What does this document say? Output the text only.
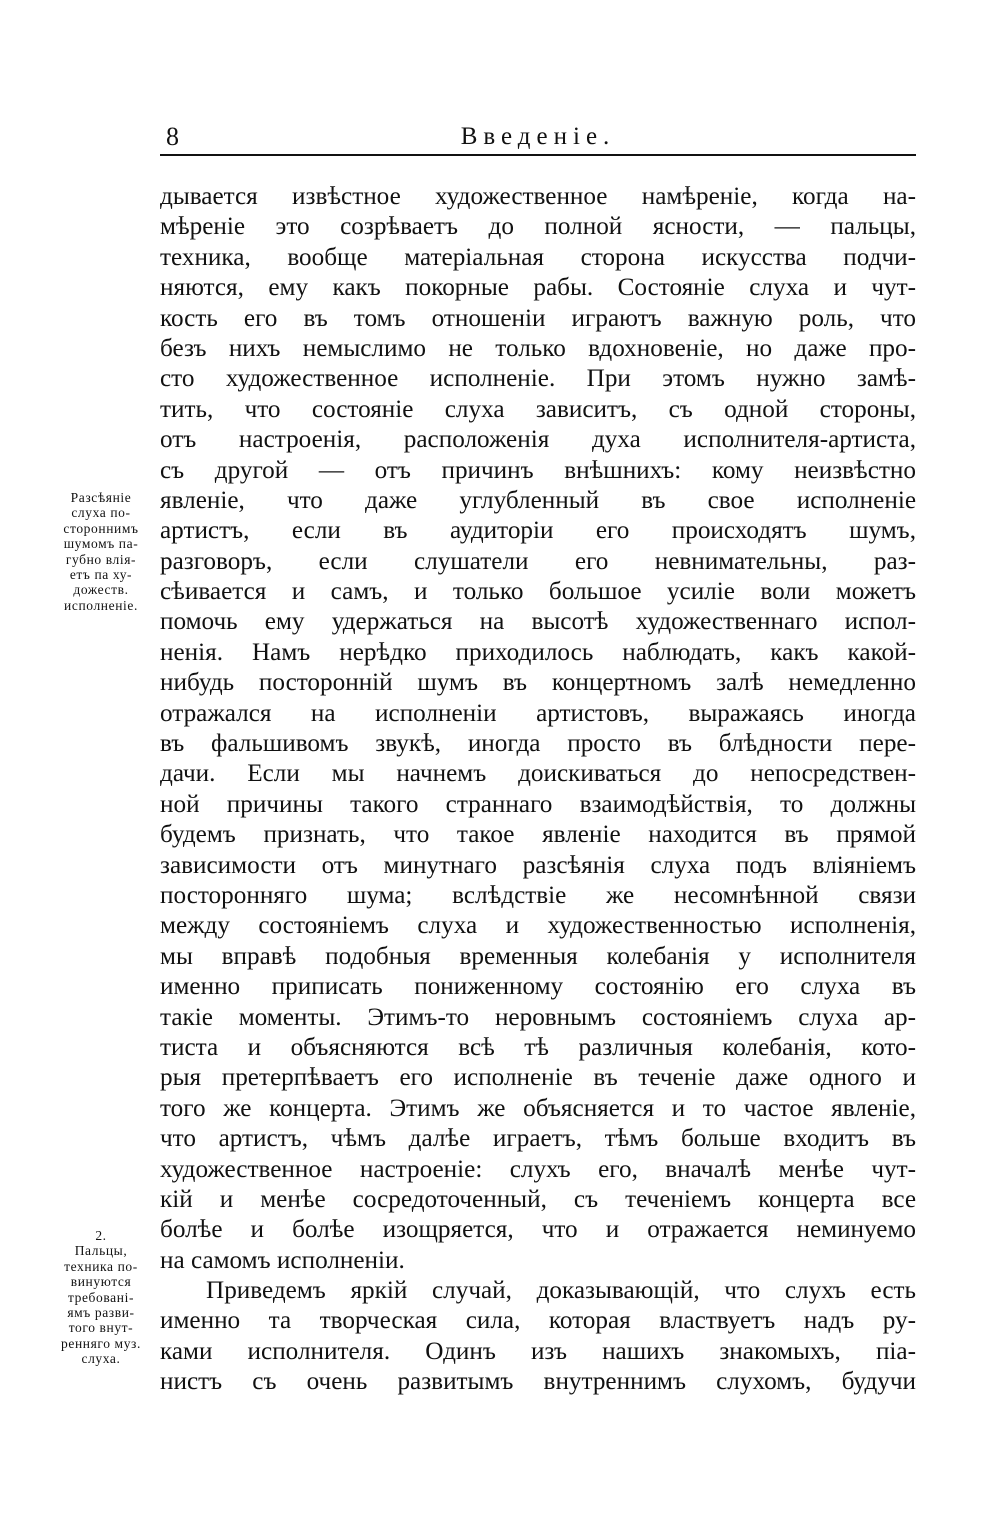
8	Введеніе.
Разсѣяніе
слуха по-
стороннимъ
шумомъ па-
губно влія-
етъ па ху-
дожеств.
исполненіе.
2.
Пальцы,
техника по-
винуются
требовані-
ямъ разви-
того внут-
ренняго муз.
слуха.
дывается извѣстное художественное намѣреніе, когда на-
мѣреніе это созрѣваетъ до полной ясности, — пальцы,
техника, вообще матеріальная сторона искусства подчи-
няются, ему какъ покорные рабы. Состояніе слуха и чут-
кость его въ томъ отношеніи играютъ важную роль, что
безъ нихъ немыслимо не только вдохновеніе, но даже про-
сто художественное исполненіе. При этомъ нужно замѣ-
тить, что состояніе слуха зависитъ, съ одной стороны,
отъ настроенія, расположенія духа исполнителя-артиста,
съ другой — отъ причинъ внѣшнихъ: кому неизвѣстно
явленіе, что даже углубленный въ свое исполненіе
артистъ, если въ аудиторіи его происходятъ шумъ,
разговоръ, если слушатели его невнимательны, раз-
сѣивается и самъ, и только большое усиліе воли можетъ
помочь ему удержаться на высотѣ художественнаго испол-
ненія. Намъ нерѣдко приходилось наблюдать, какъ какой-
нибудь посторонній шумъ въ концертномъ залѣ немедленно
отражался на исполненіи артистовъ, выражаясь иногда
въ фальшивомъ звукѣ, иногда просто въ блѣдности пере-
дачи. Если мы начнемъ доискиваться до непосредствен-
ной причины такого страннаго взаимодѣйствія, то должны
будемъ признать, что такое явленіе находится въ прямой
зависимости отъ минутнаго разсѣянія слуха подъ вліяніемъ
посторонняго шума; вслѣдствіе же несомнѣнной связи
между состояніемъ слуха и художественностью исполненія,
мы вправѣ подобныя временныя колебанія у исполнителя
именно приписать пониженному состоянію его слуха въ
такіе моменты. Этимъ-то неровнымъ состояніемъ слуха ар-
тиста и объясняются всѣ тѣ различныя колебанія, кото-
рыя претерпѣваетъ его исполненіе въ теченіе даже одного и
того же концерта. Этимъ же объясняется и то частое явленіе,
что артистъ, чѣмъ далѣе играетъ, тѣмъ больше входитъ въ
художественное настроеніе: слухъ его, вначалѣ менѣе чут-
кій и менѣе сосредоточенный, съ теченіемъ концерта все
болѣе и болѣе изощряется, что и отражается неминуемо
на самомъ исполненіи.
Приведемъ яркій случай, доказывающій, что слухъ есть
именно та творческая сила, которая властвуетъ надъ ру-
ками исполнителя. Одинъ изъ нашихъ знакомыхъ, піа-
нистъ съ очень развитымъ внутреннимъ слухомъ, будучи
